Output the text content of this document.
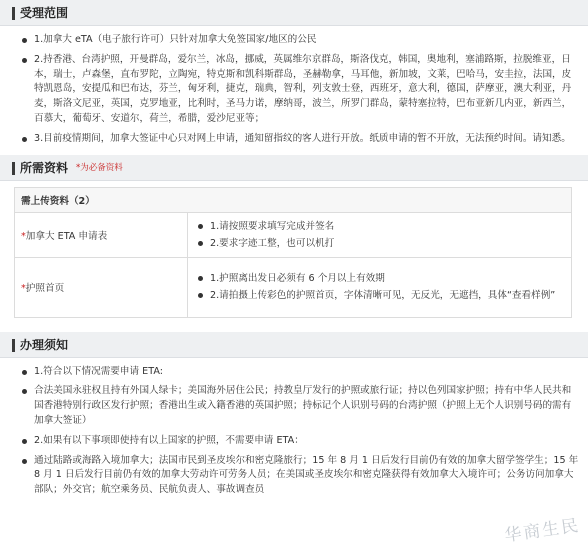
受理范围
1.加拿大 eTA（电子旅行许可）只针对加拿大免签国家/地区的公民
2.持香港、台湾护照，开曼群岛，爱尔兰，冰岛，挪威，英属维尔京群岛，斯洛伐克，韩国，奥地利，塞浦路斯，拉脱维亚，日本，瑞士，卢森堡，直布罗陀，立陶宛，特克斯和凯科斯群岛，圣赫勒拿，马耳他，新加坡，文莱，巴哈马，安圭拉，法国，皮特凯恩岛，安提瓜和巴布达，芬兰，匈牙利，捷克，瑞典，智利，列支敦士登，西班牙，意大利，德国，萨摩亚，澳大利亚，丹麦，斯洛文尼亚，英国，克罗地亚，比利时，圣马力诺，摩纳哥，波兰，所罗门群岛，蒙特塞拉特，巴布亚新几内亚，新西兰，百慕大，葡萄牙、安道尔，荷兰，希腊，爱沙尼亚等；
3.目前疫情期间，加拿大签证中心只对网上申请，通知留指纹的客人进行开放。纸质申请的暂不开放，无法预约时间。请知悉。
所需资料 *为必备资料
需上传资料（2）	
*加拿大 ETA 申请表	1.请按照要求填写完成并签名
2.要求字迹工整，也可以机打

*护照首页	1.护照离出发日必须有 6 个月以上有效期
2.请拍摄上传彩色的护照首页，字体清晰可见，无反光，无遮挡，具体“查看样例”
办理须知
1.符合以下情况需要申请 ETA:
合法美国永驻权且持有外国人绿卡；美国海外居住公民；持教皇厅发行的护照或旅行证；持以色列国家护照；持有中华人民共和国香港特别行政区发行护照；香港出生或入籍香港的英国护照；持标记个人识别号码的台湾护照（护照上无个人识别号码的需有加拿大签证）
2.如果有以下事项即使持有以上国家的护照，不需要申请 ETA：
通过陆路或海路入境加拿大；法国市民到圣皮埃尔和密克隆旅行；15 年 8 月 1 日后发行目前仍有效的加拿大留学签学生；15 年 8 月 1 日后发行目前仍有效的加拿大劳动许可劳务人员；在美国或圣皮埃尔和密克隆获得有效加拿大入境许可；公务访问加拿大部队；外交官；航空乘务员、民航负责人、事故调查员
华商生民
